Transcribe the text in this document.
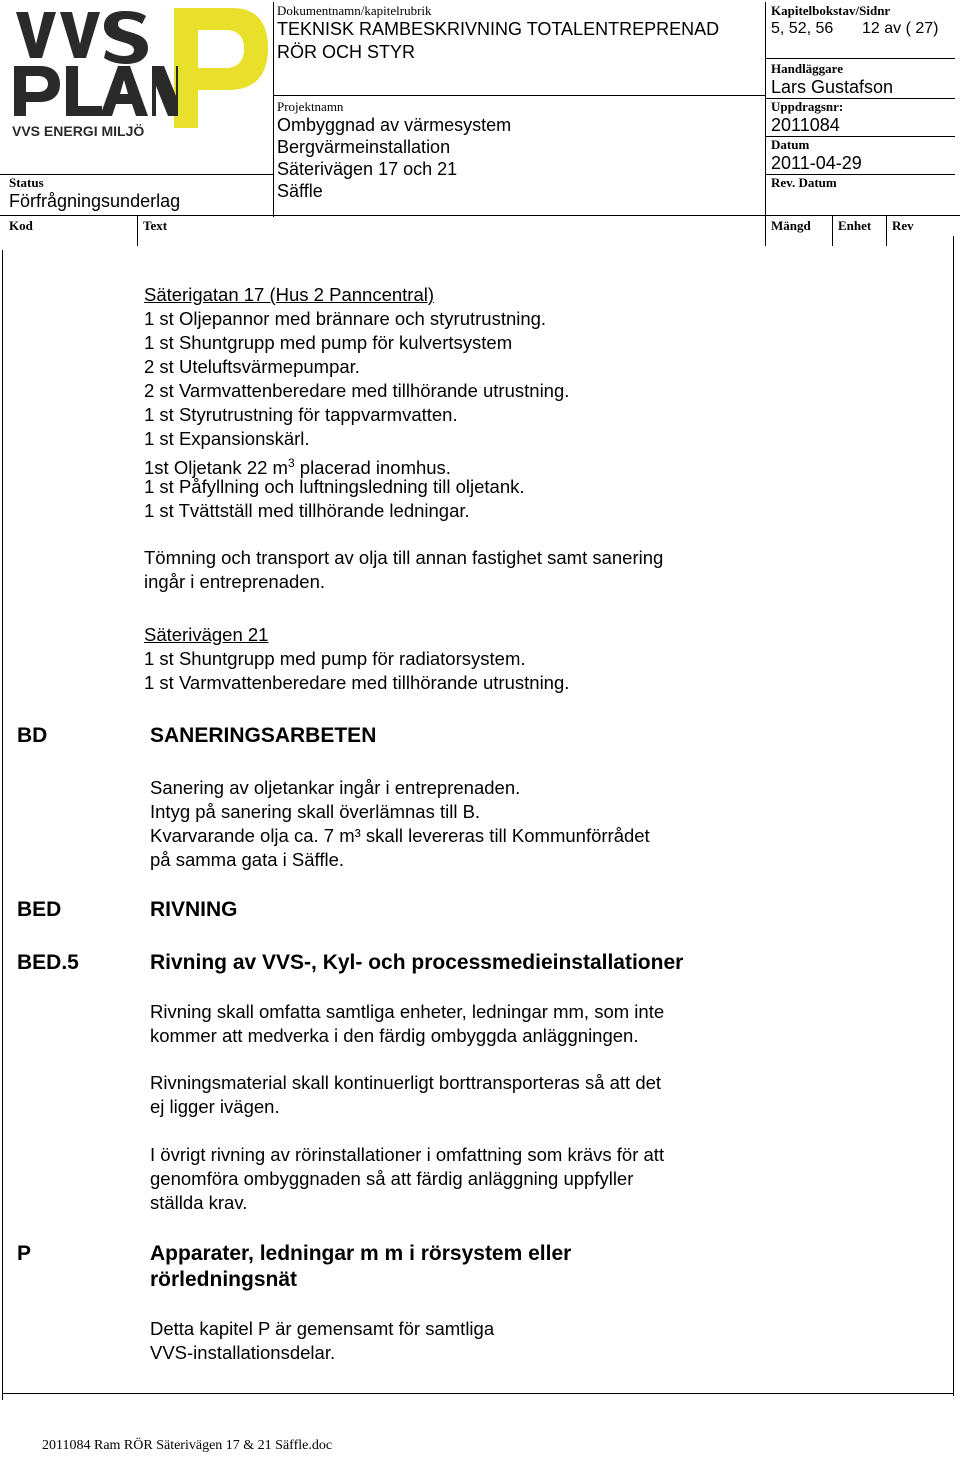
VVS ENERGI MILJÖ
Status
Förfrågningsunderlag
Dokumentnamn/kapitelrubrik
TEKNISK RAMBESKRIVNING TOTALENTREPRENAD
RÖR OCH STYR
Projektnamn
Ombyggnad av värmesystem
Bergvärmeinstallation
Säterivägen 17 och 21
Säffle
Kapitelbokstav/Sidnr
5, 52, 56 12 av ( 27)
Handläggare
Lars Gustafson
Uppdragsnr:
2011084
Datum
2011-04-29
Rev. Datum
Kod	Text	Mängd Enhet Rev
Säterigatan 17 (Hus 2 Panncentral)
1 st Oljepannor med brännare och styrutrustning.
1 st Shuntgrupp med pump för kulvertsystem
2 st Uteluftsvärmepumpar.
2 st Varmvattenberedare med tillhörande utrustning.
1 st Styrutrustning för tappvarmvatten.
1 st Expansionskärl.
1st Oljetank 22 $m^3$ placerad inomhus.
1 st Påfyllning och luftningsledning till oljetank.
1 st Tvättställ med tillhörande ledningar.
Tömning och transport av olja till annan fastighet samt sanering
ingår i entreprenaden.
Säterivägen 21
1 st Shuntgrupp med pump för radiatorsystem.
1 st Varmvattenberedare med tillhörande utrustning.
BD	SANERINGSARBETEN
Sanering av oljetankar ingår i entreprenaden.
Intyg på sanering skall överlämnas till B.
Kvarvarande olja ca. 7 m³ skall levereras till Kommunförrådet
på samma gata i Säffle.
BED	RIVNING
BED.5	Rivning av VVS-, Kyl- och processmedieinstallationer
Rivning skall omfatta samtliga enheter, ledningar mm, som inte
kommer att medverka i den färdig ombyggda anläggningen.
Rivningsmaterial skall kontinuerligt borttransporteras så att det
ej ligger ivägen.
I övrigt rivning av rörinstallationer i omfattning som krävs för att
genomföra ombyggnaden så att färdig anläggning uppfyller
ställda krav.
P	Apparater, ledningar m m i rörsystem eller
rörledningsnät
Detta kapitel P är gemensamt för samtliga
VVS-installationsdelar.
2011084 Ram RÖR Säterivägen 17 & 21 Säffle.doc
